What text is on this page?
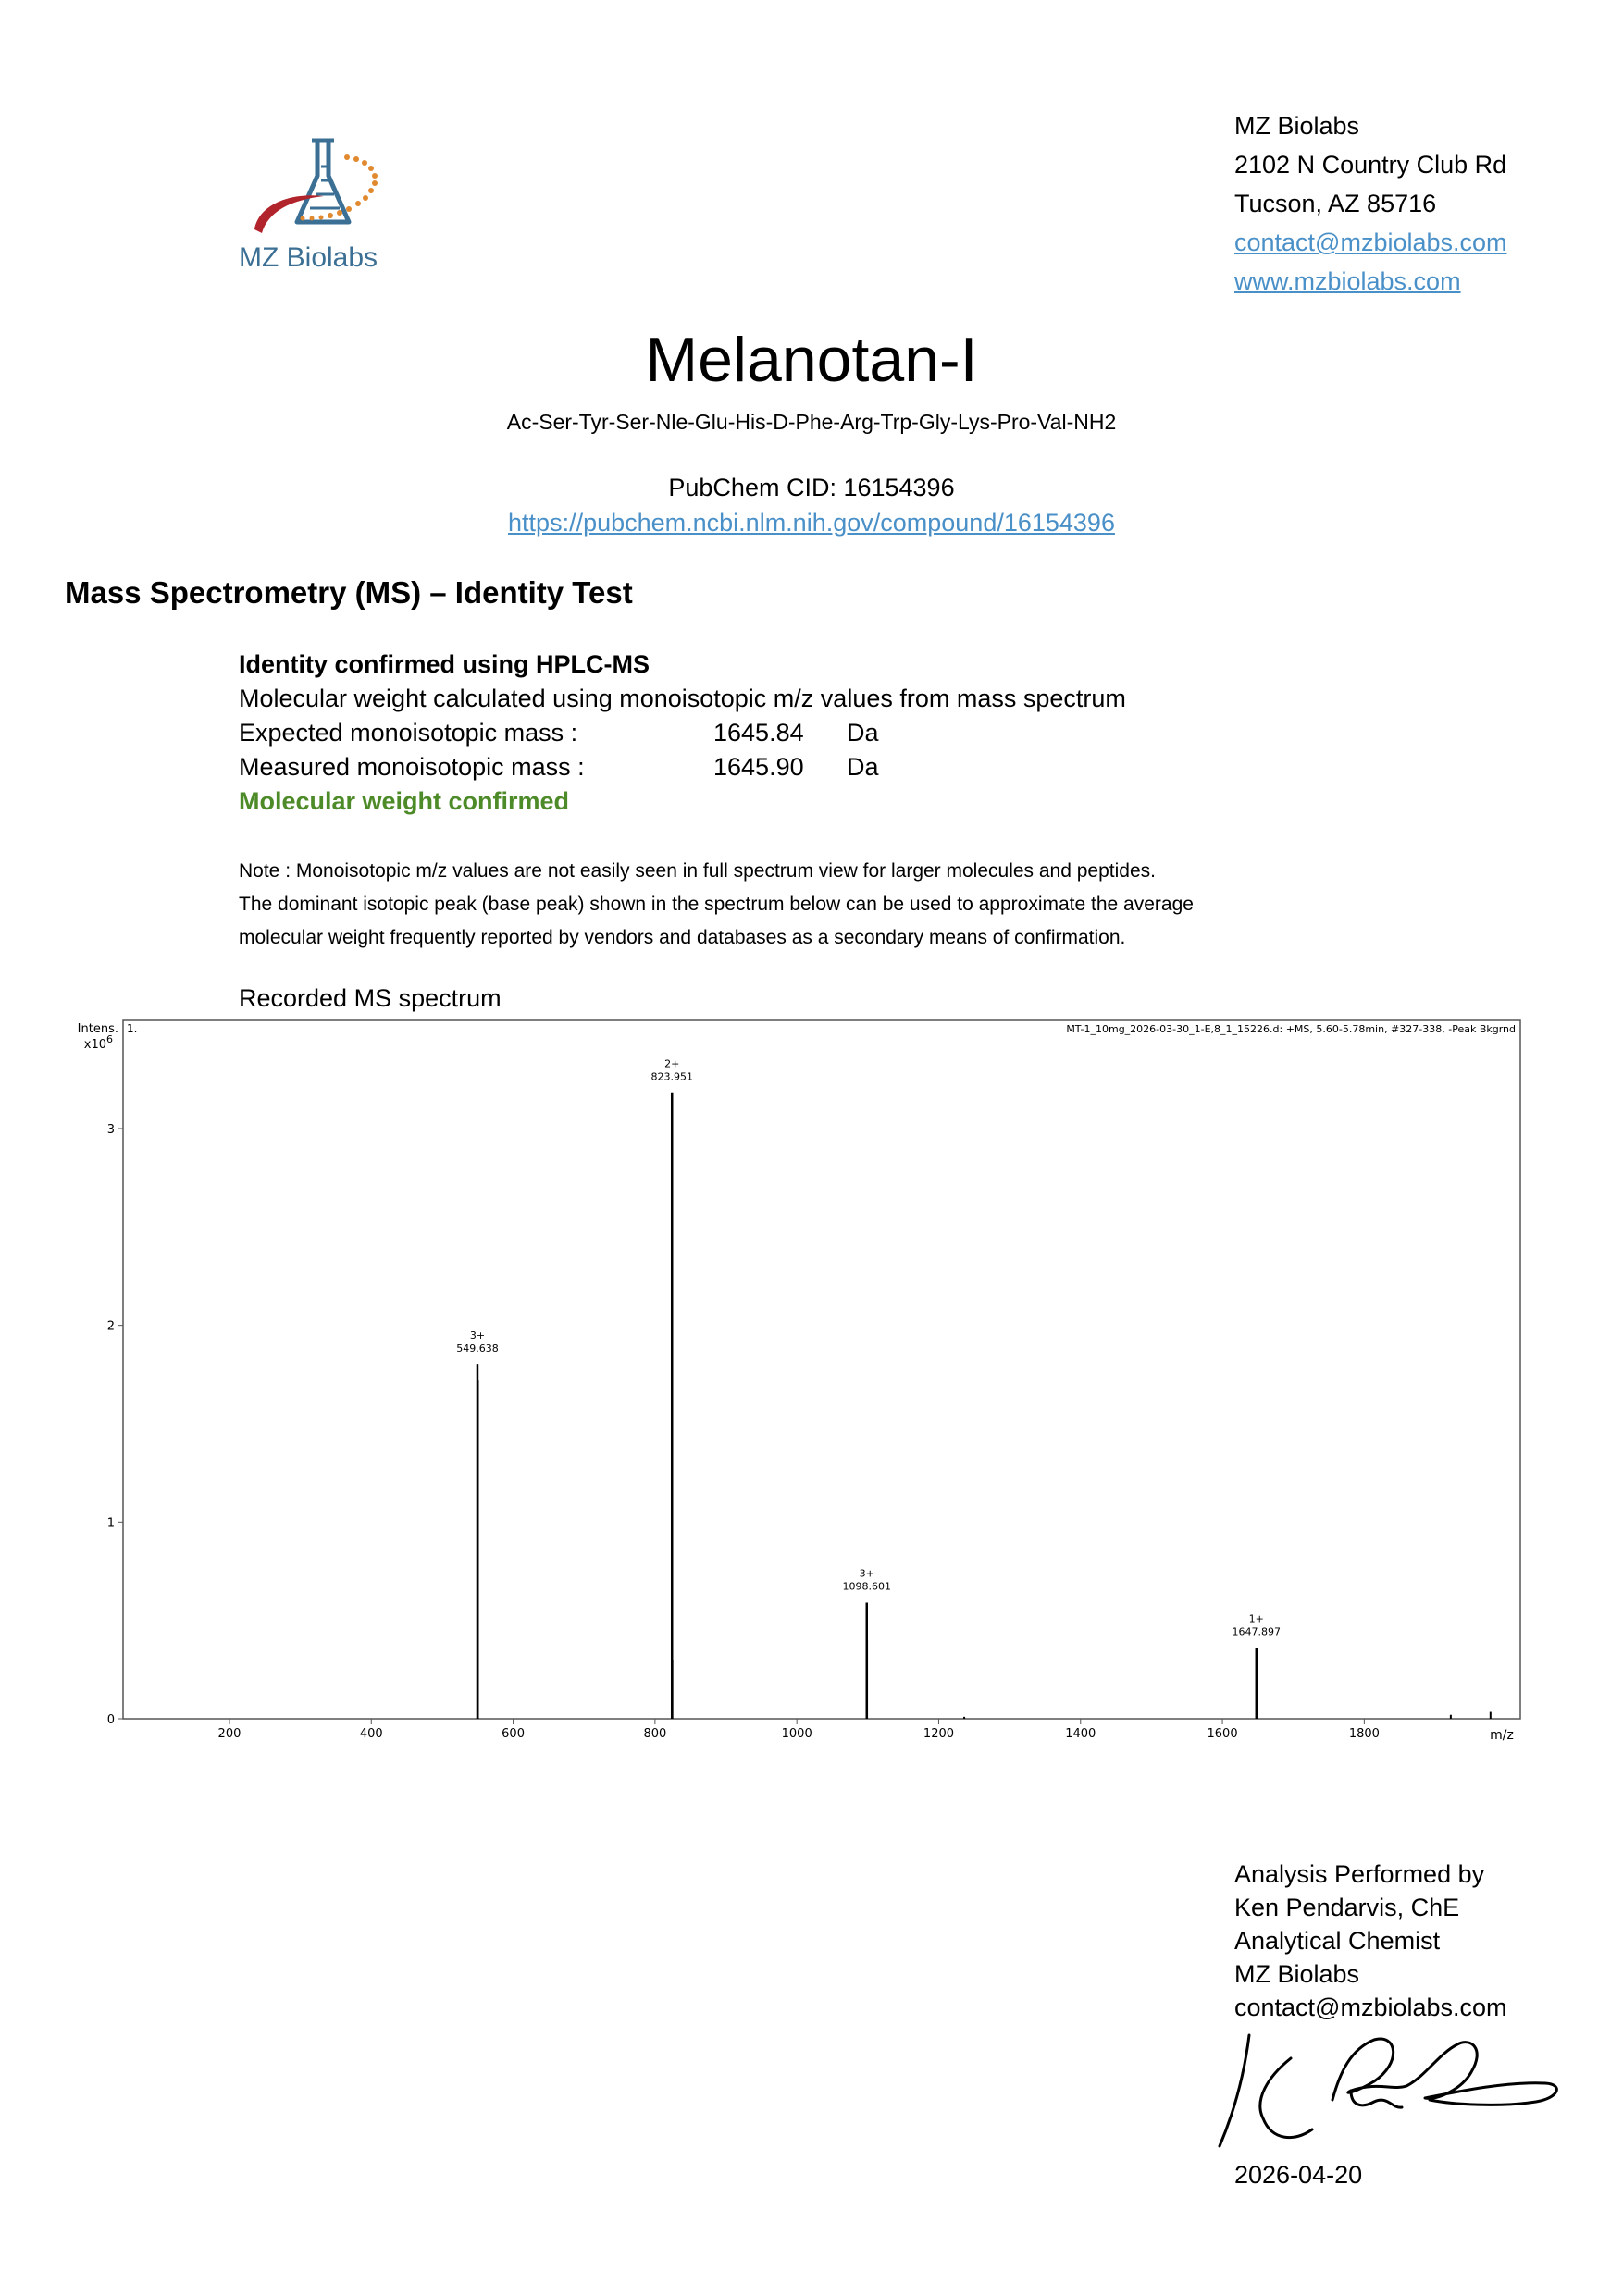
MZ Biolabs
MZ Biolabs
2102 N Country Club Rd
Tucson, AZ 85716
contact@mzbiolabs.com
www.mzbiolabs.com
Melanotan-I
Ac-Ser-Tyr-Ser-Nle-Glu-His-D-Phe-Arg-Trp-Gly-Lys-Pro-Val-NH2
PubChem CID: 16154396
https://pubchem.ncbi.nlm.nih.gov/compound/16154396
Mass Spectrometry (MS) – Identity Test
Identity confirmed using HPLC-MS
Molecular weight calculated using monoisotopic m/z values from mass spectrum
Expected monoisotopic mass :	1645.84 Da
Measured monoisotopic mass :	1645.90 Da
Molecular weight confirmed
Note : Monoisotopic m/z values are not easily seen in full spectrum view for larger molecules and peptides.
The dominant isotopic peak (base peak) shown in the spectrum below can be used to approximate the average
molecular weight frequently reported by vendors and databases as a secondary means of confirmation.
Recorded MS spectrum
1.	MT-1_10mg_2026-03-30_1-E,8_1_15226.d: +MS, 5.60-5.78min, #327-338, -Peak Bkgrnd
Intens.
$x10^6$
m/z
200	400	600	800	1000	1200	1400	1600	1800
0
1
2
3
3+
549.638
2+
823.951
3+
1098.601
1+
1647.897
Analysis Performed by
Ken Pendarvis, ChE
Analytical Chemist
MZ Biolabs
contact@mzbiolabs.com
2026-04-20
